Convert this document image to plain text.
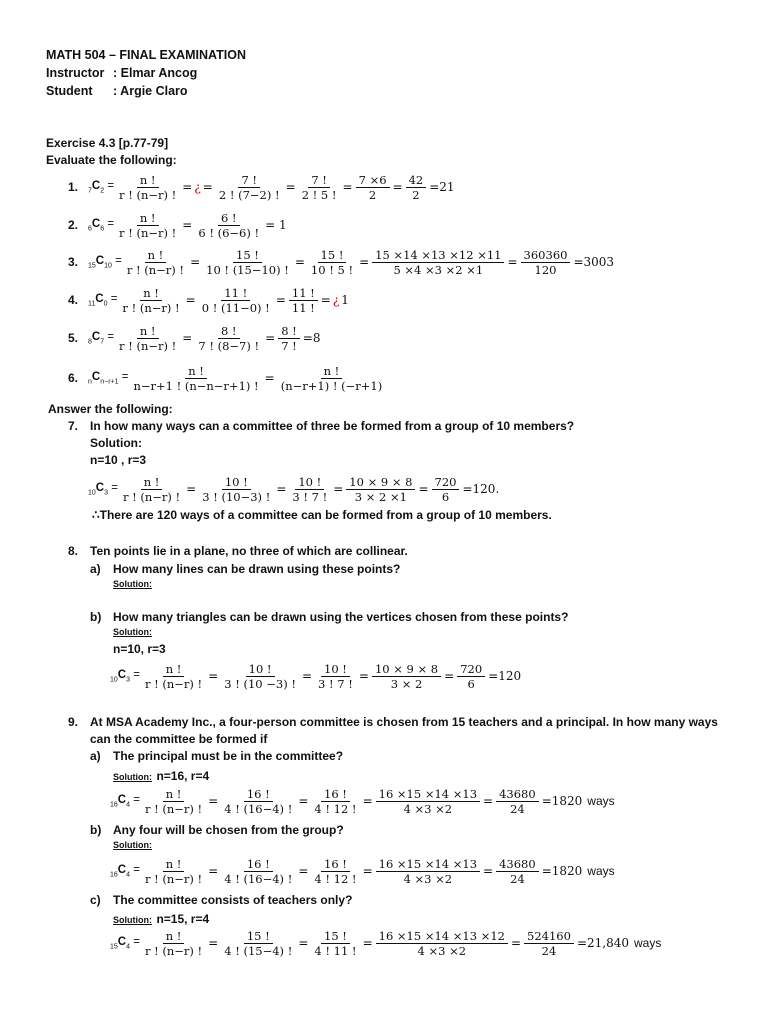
MATH 504 – FINAL EXAMINATION
Instructor : Elmar Ancog
Student : Argie Claro
Exercise 4.3 [p.77-79]
Evaluate the following:
1. $_7C_2 = \frac{n !}{r ! (n-r) !}$ = ¿ = $\frac{7 !}{2 ! (7-2) !} = \frac{7 !}{2 ! 5 !} = \frac{7 \times 6}{2} = \frac{42}{2} =21$
2. $_6C_6 = \frac{n !}{r ! (n-r) !} = \frac{6 !}{6 ! (6-6) !} = 1$
3. $_{15}C_{10} = \frac{n !}{r ! (n-r) !} = \frac{15 !}{10 ! (15-10) !} = \frac{15 !}{10 ! 5 !} = \frac{15 \times 14 \times 13 \times 12 \times 11}{5 \times 4 \times 3 \times 2 \times 1} = \frac{360360}{120} =3003$
4. $_{11}C_0 = \frac{n !}{r ! (n-r) !} = \frac{11 !}{0 ! (11-0) !} = \frac{11 !}{11 !}$ = ¿ 1
5. $_8C_7 = \frac{n !}{r ! (n-r) !} = \frac{8 !}{7 ! (8-7) !} = \frac{8 !}{7 !} =8$
6. $_nC_{n-r+1} = \frac{n !}{n-r+1 ! (n-n-r+1) !} = \frac{n !}{(n-r+1) ! (-r+1)}$
Answer the following:
7. In how many ways can a committee of three be formed from a group of 10 members?
Solution:
n=10 , r=3
$_{10}C_3 = \frac{n !}{r ! (n-r) !} = \frac{10 !}{3 ! (10-3) !} = \frac{10 !}{3 ! 7 !} = \frac{10 \times 9 \times 8}{3 \times 2 \times 1} = \frac{720}{6} =120$.
∴There are 120 ways of a committee can be formed from a group of 10 members.
8. Ten points lie in a plane, no three of which are collinear.
a) How many lines can be drawn using these points?
Solution:
b) How many triangles can be drawn using the vertices chosen from these points?
Solution:
n=10, r=3
$_{10}C_3 = \frac{n !}{r ! (n-r) !} = \frac{10 !}{3 ! (10 -3) !} = \frac{10 !}{3 ! 7 !} = \frac{10 \times 9 \times 8}{3 \times 2} = \frac{720}{6} =120$
9. At MSA Academy Inc., a four-person committee is chosen from 15 teachers and a principal. In how many ways
can the committee be formed if
a) The principal must be in the committee?
Solution: n=16, r=4
$_{16}C_4 = \frac{n !}{r ! (n-r) !} = \frac{16 !}{4 ! (16-4) !} = \frac{16 !}{4 ! 12 !} = \frac{16 \times 15 \times 14 \times 13}{4 \times 3 \times 2} = \frac{43680}{24} =1820$ ways
b) Any four will be chosen from the group?
Solution:
$_{16}C_4 = \frac{n !}{r ! (n-r) !} = \frac{16 !}{4 ! (16-4) !} = \frac{16 !}{4 ! 12 !} = \frac{16 \times 15 \times 14 \times 13}{4 \times 3 \times 2} = \frac{43680}{24} =1820$ ways
c) The committee consists of teachers only?
Solution: n=15, r=4
$_{15}C_4 = \frac{n !}{r ! (n-r) !} = \frac{15 !}{4 ! (15-4) !} = \frac{15 !}{4 ! 11 !} = \frac{16 \times 15 \times 14 \times 13 \times 12}{4 \times 3 \times 2} = \frac{524160}{24} =21,840$ ways
